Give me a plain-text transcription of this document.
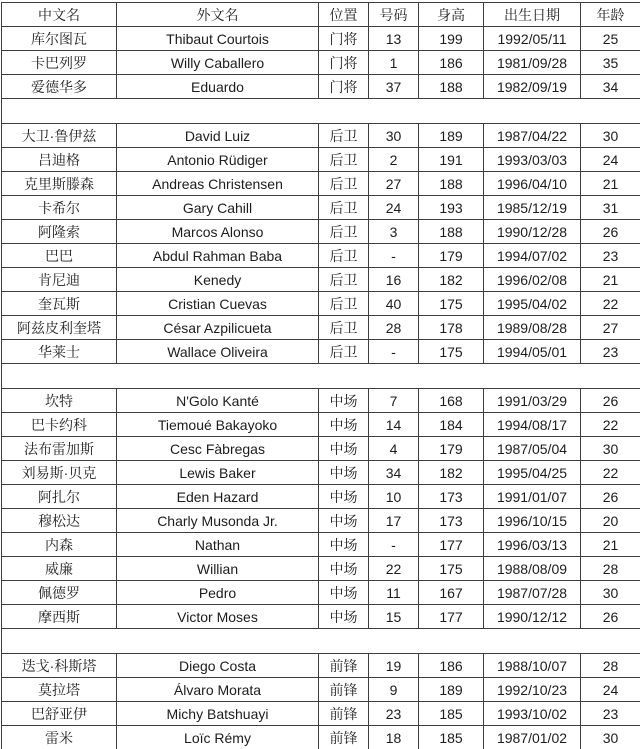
中文名	外文名	位置	号码	身高	出生日期	年龄
库尔图瓦	Thibaut Courtois	门将	13	199	1992/05/11	25
卡巴列罗	Willy Caballero	门将	1	186	1981/09/28	35
爱德华多	Eduardo	门将	37	188	1982/09/19	34

大卫·鲁伊兹	David Luiz	后卫	30	189	1987/04/22	30
吕迪格	Antonio Rüdiger	后卫	2	191	1993/03/03	24
克里斯滕森	Andreas Christensen	后卫	27	188	1996/04/10	21
卡希尔	Gary Cahill	后卫	24	193	1985/12/19	31
阿隆索	Marcos Alonso	后卫	3	188	1990/12/28	26
巴巴	Abdul Rahman Baba	后卫	-	179	1994/07/02	23
肯尼迪	Kenedy	后卫	16	182	1996/02/08	21
奎瓦斯	Cristian Cuevas	后卫	40	175	1995/04/02	22
阿兹皮利奎塔	César Azpilicueta	后卫	28	178	1989/08/28	27
华莱士	Wallace Oliveira	后卫	-	175	1994/05/01	23

坎特	N'Golo Kanté	中场	7	168	1991/03/29	26
巴卡约科	Tiemoué Bakayoko	中场	14	184	1994/08/17	22
法布雷加斯	Cesc Fàbregas	中场	4	179	1987/05/04	30
刘易斯·贝克	Lewis Baker	中场	34	182	1995/04/25	22
阿扎尔	Eden Hazard	中场	10	173	1991/01/07	26
穆松达	Charly Musonda Jr.	中场	17	173	1996/10/15	20
内森	Nathan	中场	-	177	1996/03/13	21
威廉	Willian	中场	22	175	1988/08/09	28
佩德罗	Pedro	中场	11	167	1987/07/28	30
摩西斯	Victor Moses	中场	15	177	1990/12/12	26

迭戈·科斯塔	Diego Costa	前锋	19	186	1988/10/07	28
莫拉塔	Álvaro Morata	前锋	9	189	1992/10/23	24
巴舒亚伊	Michy Batshuayi	前锋	23	185	1993/10/02	23
雷米	Loïc Rémy	前锋	18	185	1987/01/02	30
